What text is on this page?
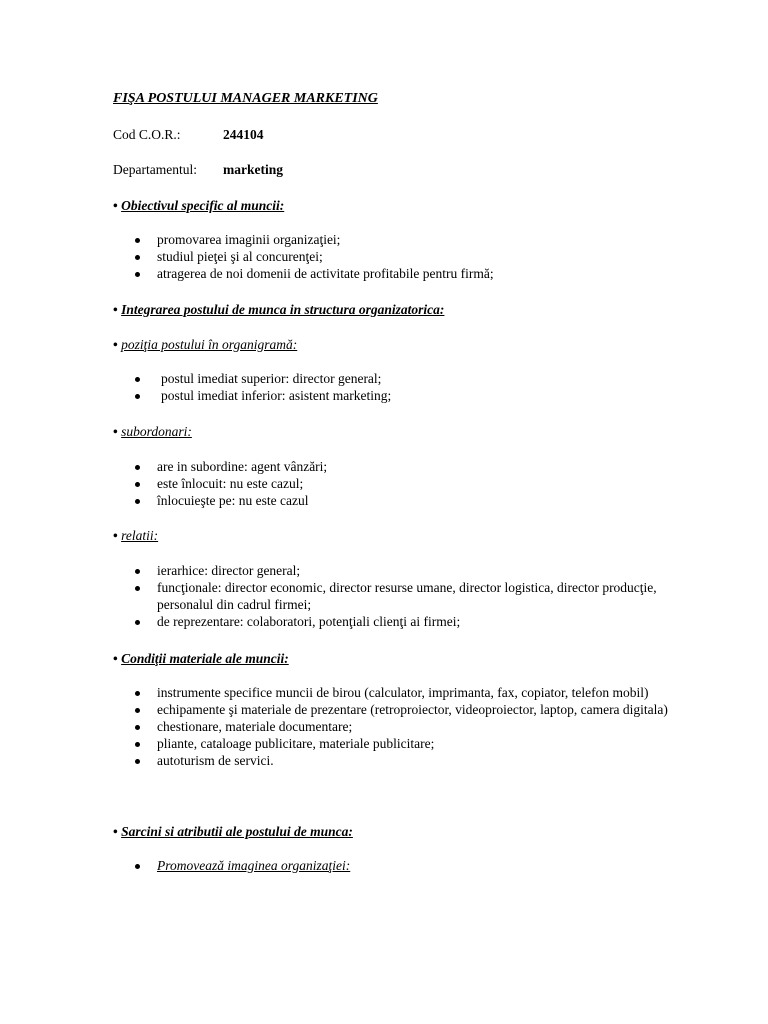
FIŞA POSTULUI MANAGER MARKETING
Cod C.O.R.:	244104
Departamentul: marketing
• Obiectivul specific al muncii:
promovarea imaginii organizaţiei;
studiul pieţei şi al concurenţei;
atragerea de noi domenii de activitate profitabile pentru firmă;
• Integrarea postului de munca in structura organizatorica:
• poziţia postului în organigramă:
postul imediat superior: director general;
postul imediat inferior: asistent marketing;
• subordonari:
are in subordine: agent vânzări;
este înlocuit: nu este cazul;
înlocuieşte pe: nu este cazul
• relatii:
ierarhice: director general;
funcţionale: director economic, director resurse umane, director logistica, director producţie, personalul din cadrul firmei;
de reprezentare: colaboratori, potenţiali clienţi ai firmei;
• Condiţii materiale ale muncii:
instrumente specifice muncii de birou (calculator, imprimanta, fax, copiator, telefon mobil)
echipamente şi materiale de prezentare (retroproiector, videoproiector, laptop, camera digitala)
chestionare, materiale documentare;
pliante, cataloage publicitare, materiale publicitare;
autoturism de servici.
• Sarcini si atributii ale postului de munca:
Promovează imaginea organizaţiei:
